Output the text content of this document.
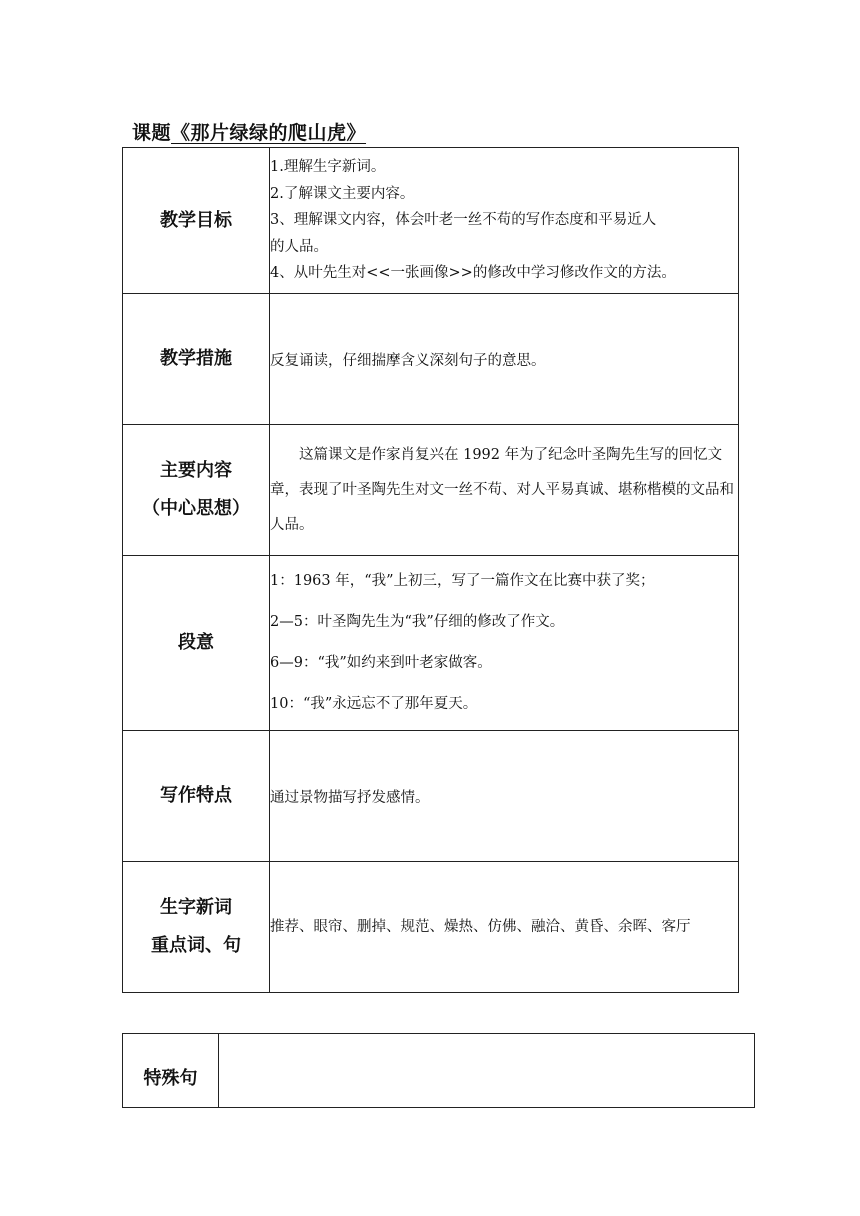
课题《那片绿绿的爬山虎》
教学目标	1.理解生字新词。
2.了解课文主要内容。
3、理解课文内容，体会叶老一丝不苟的写作态度和平易近人
的人品。
4、从叶先生对<<一张画像>>的修改中学习修改作文的方法。

教学措施	反复诵读，仔细揣摩含义深刻句子的意思。

主要内容
（中心思想）	这篇课文是作家肖复兴在 1992 年为了纪念叶圣陶先生写的回忆文章，表现了叶圣陶先生对文一丝不苟、对人平易真诚、堪称楷模的文品和人品。
段意	1：1963 年，“我”上初三，写了一篇作文在比赛中获了奖；
2—5：叶圣陶先生为“我”仔细的修改了作文。
6—9：“我”如约来到叶老家做客。
10：“我”永远忘不了那年夏天。

写作特点	通过景物描写抒发感情。

生字新词
重点词、句	推荐、眼帘、删掉、规范、燥热、仿佛、融洽、黄昏、余晖、客厅
特殊句	
